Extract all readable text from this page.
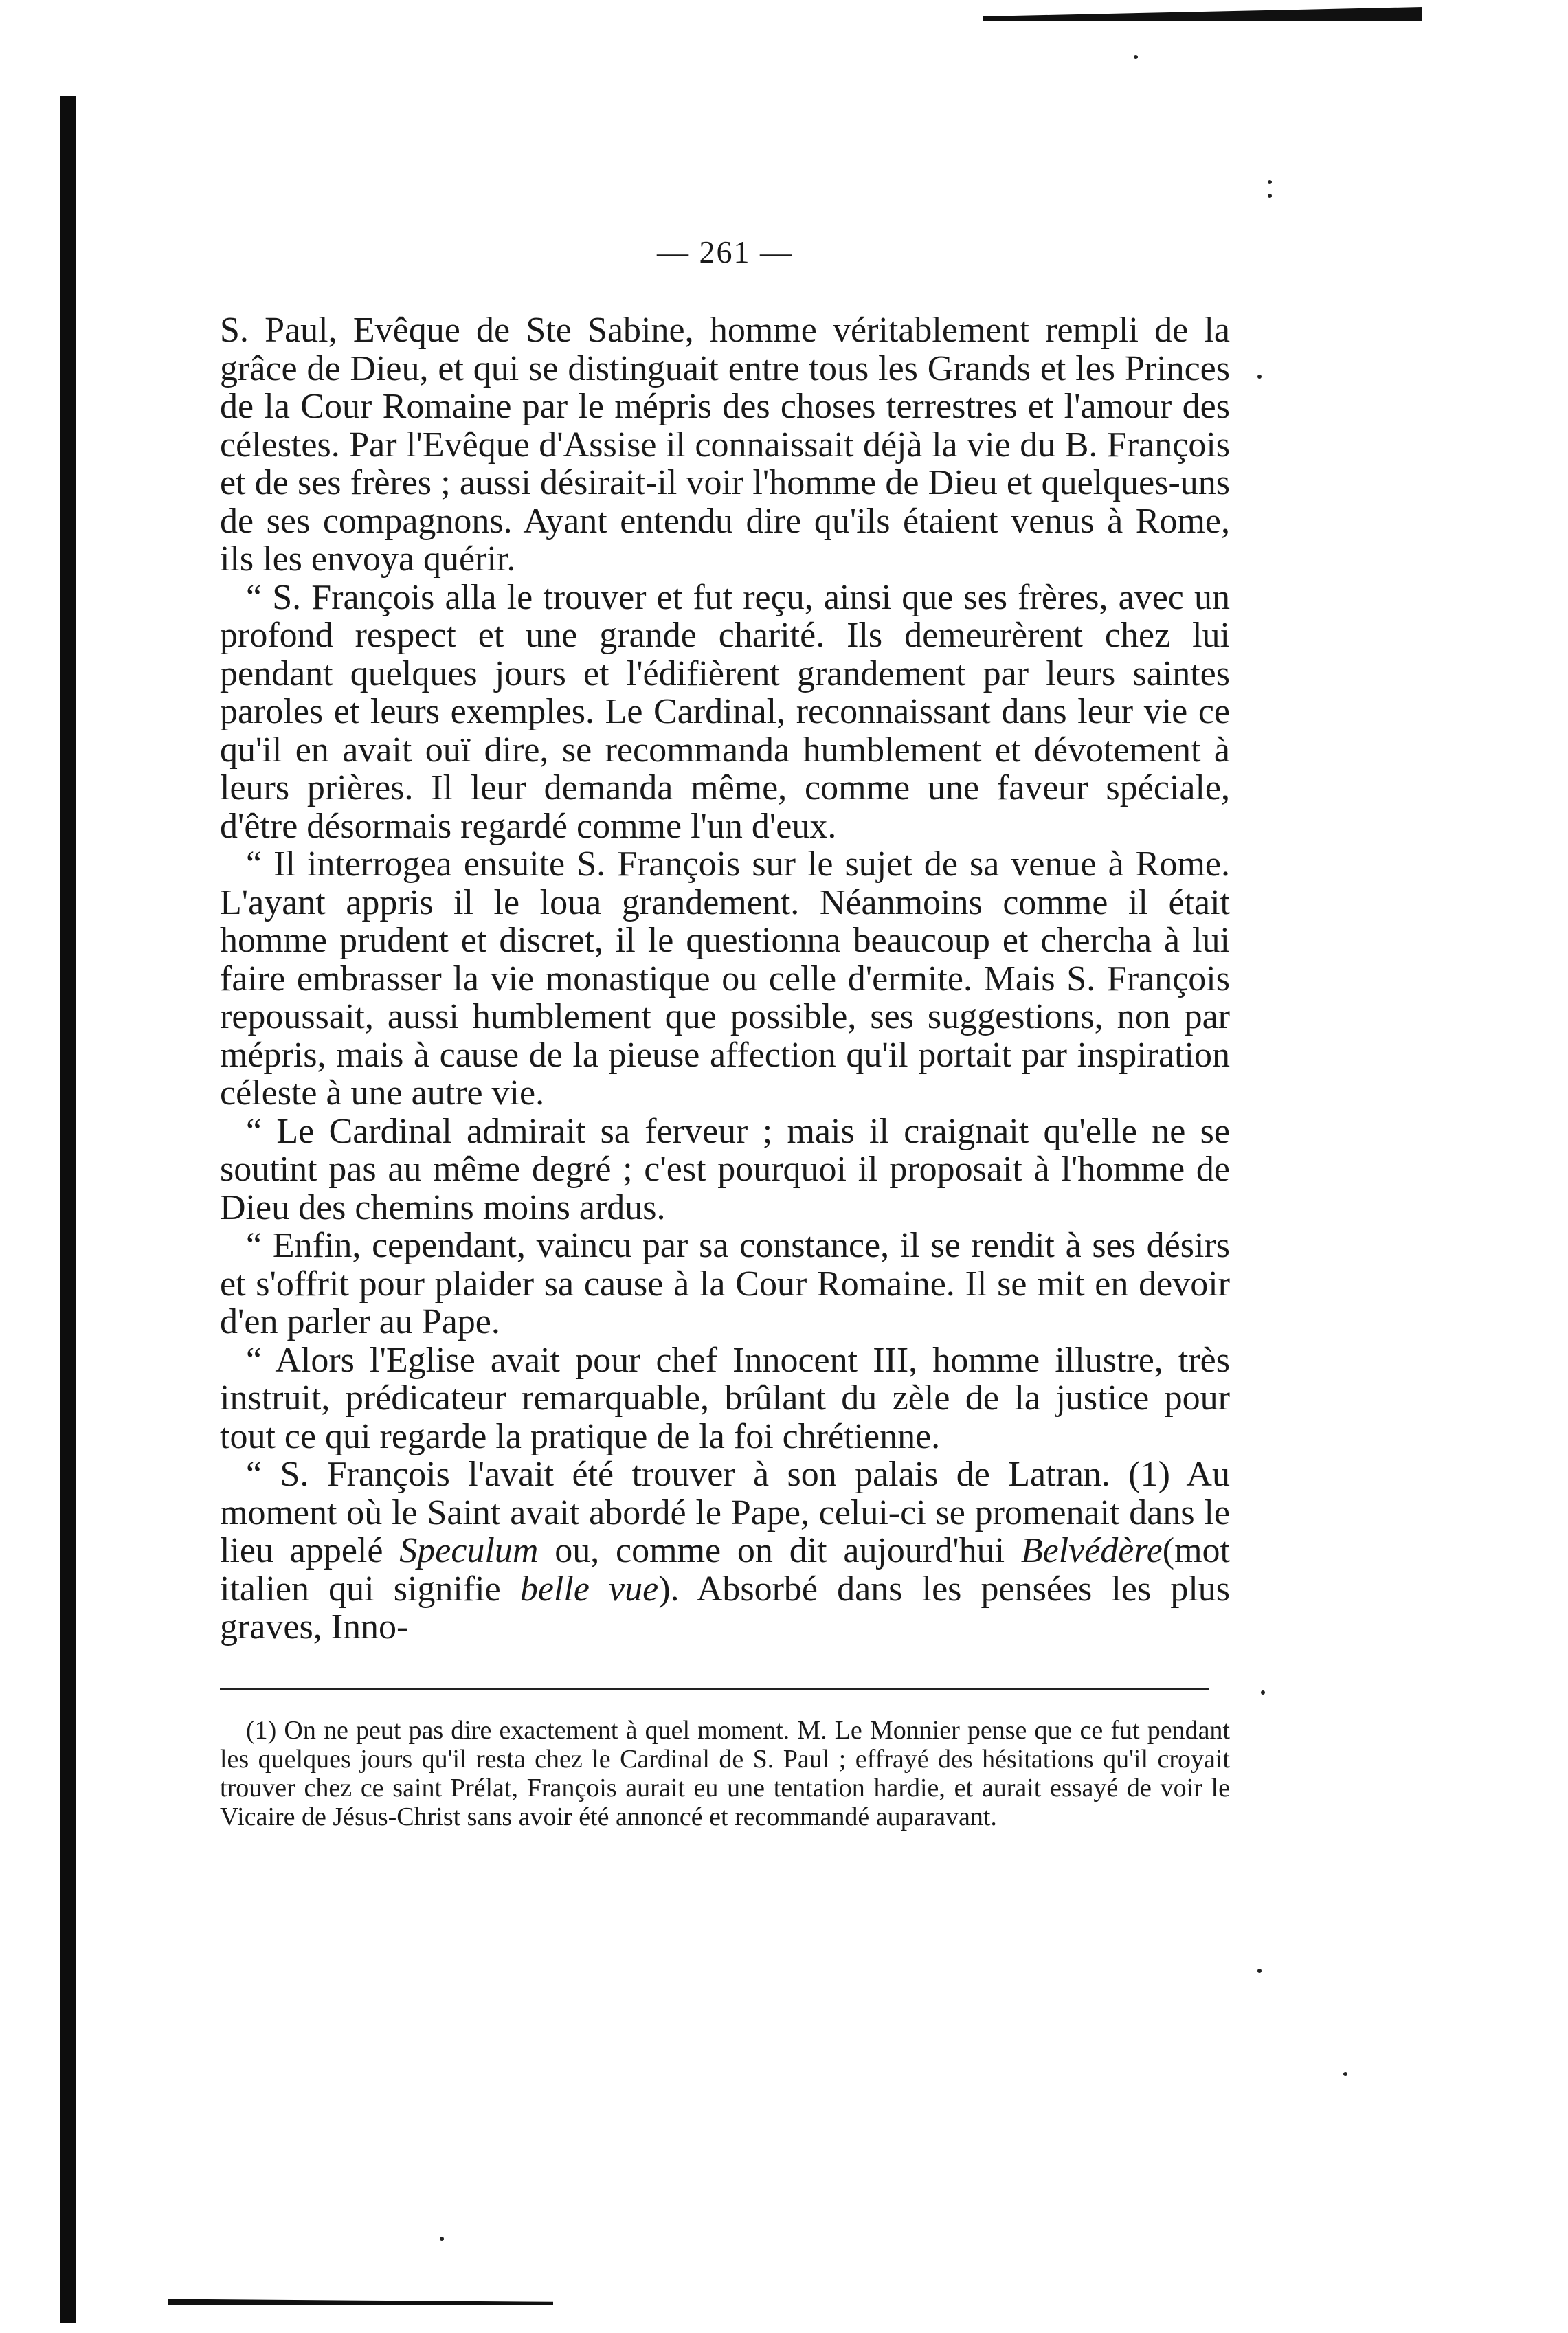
— 261 —

S. Paul, Evêque de Ste Sabine, homme véritablement rempli de la grâce de Dieu, et qui se distinguait entre tous les Grands et les Princes de la Cour Romaine par le mépris des choses terrestres et l'amour des célestes. Par l'Evêque d'Assise il connaissait déjà la vie du B. François et de ses frères ; aussi désirait-il voir l'homme de Dieu et quelques-uns de ses compagnons. Ayant entendu dire qu'ils étaient venus à Rome, ils les envoya quérir.

“ S. François alla le trouver et fut reçu, ainsi que ses frères, avec un profond respect et une grande charité. Ils demeurèrent chez lui pendant quelques jours et l'édifièrent grandement par leurs saintes paroles et leurs exemples. Le Cardinal, reconnaissant dans leur vie ce qu'il en avait ouï dire, se recommanda humblement et dévotement à leurs prières. Il leur demanda même, comme une faveur spéciale, d'être désormais regardé comme l'un d'eux.

“ Il interrogea ensuite S. François sur le sujet de sa venue à Rome. L'ayant appris il le loua grandement. Néanmoins comme il était homme prudent et discret, il le questionna beaucoup et chercha à lui faire embrasser la vie monastique ou celle d'ermite. Mais S. François repoussait, aussi humblement que possible, ses suggestions, non par mépris, mais à cause de la pieuse affection qu'il portait par inspiration céleste à une autre vie.

“ Le Cardinal admirait sa ferveur ; mais il craignait qu'elle ne se soutint pas au même degré ; c'est pourquoi il proposait à l'homme de Dieu des chemins moins ardus.

“ Enfin, cependant, vaincu par sa constance, il se rendit à ses désirs et s'offrit pour plaider sa cause à la Cour Romaine. Il se mit en devoir d'en parler au Pape.

“ Alors l'Eglise avait pour chef Innocent III, homme illustre, très instruit, prédicateur remarquable, brûlant du zèle de la justice pour tout ce qui regarde la pratique de la foi chrétienne.

“ S. François l'avait été trouver à son palais de Latran. (1) Au moment où le Saint avait abordé le Pape, celui-ci se promenait dans le lieu appelé Speculum ou, comme on dit aujourd'hui Belvédère(mot italien qui signifie belle vue). Absorbé dans les pensées les plus graves, Inno-

(1) On ne peut pas dire exactement à quel moment. M. Le Monnier pense que ce fut pendant les quelques jours qu'il resta chez le Cardinal de S. Paul ; effrayé des hésitations qu'il croyait trouver chez ce saint Prélat, François aurait eu une tentation hardie, et aurait essayé de voir le Vicaire de Jésus-Christ sans avoir été annoncé et recommandé auparavant.
